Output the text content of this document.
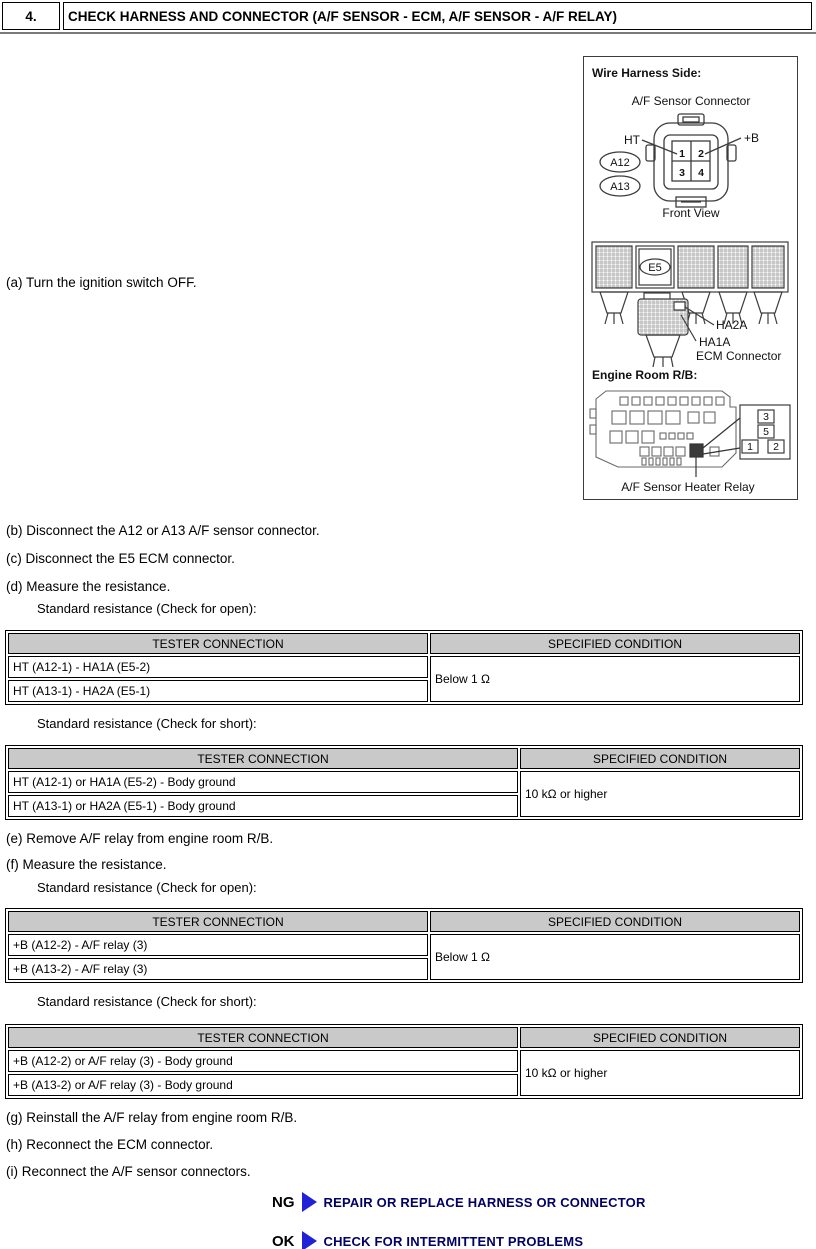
4.	CHECK HARNESS AND CONNECTOR (A/F SENSOR - ECM, A/F SENSOR - A/F RELAY)
(a) Turn the ignition switch OFF.
(b) Disconnect the A12 or A13 A/F sensor connector.
(c) Disconnect the E5 ECM connector.
(d) Measure the resistance.
Standard resistance (Check for open):
TESTER CONNECTION	SPECIFIED CONDITION
HT (A12-1) - HA1A (E5-2)	Below 1 Ω
HT (A13-1) - HA2A (E5-1)	
Standard resistance (Check for short):
TESTER CONNECTION	SPECIFIED CONDITION
HT (A12-1) or HA1A (E5-2) - Body ground	10 kΩ or higher
HT (A13-1) or HA2A (E5-1) - Body ground	
(e) Remove A/F relay from engine room R/B.
(f) Measure the resistance.
Standard resistance (Check for open):
TESTER CONNECTION	SPECIFIED CONDITION
+B (A12-2) - A/F relay (3)	Below 1 Ω
+B (A13-2) - A/F relay (3)	
Standard resistance (Check for short):
TESTER CONNECTION	SPECIFIED CONDITION
+B (A12-2) or A/F relay (3) - Body ground	10 kΩ or higher
+B (A13-2) or A/F relay (3) - Body ground	
(g) Reinstall the A/F relay from engine room R/B.
(h) Reconnect the ECM connector.
(i) Reconnect the A/F sensor connectors.
NG REPAIR OR REPLACE HARNESS OR CONNECTOR
OK CHECK FOR INTERMITTENT PROBLEMS
Wire Harness Side:
A/F Sensor Connector
1 2
3 4
HT	+B
A12
A13
Front View
E5
HA2A
HA1A
ECM Connector
Engine Room R/B:
3
5
1 2
A/F Sensor Heater Relay
